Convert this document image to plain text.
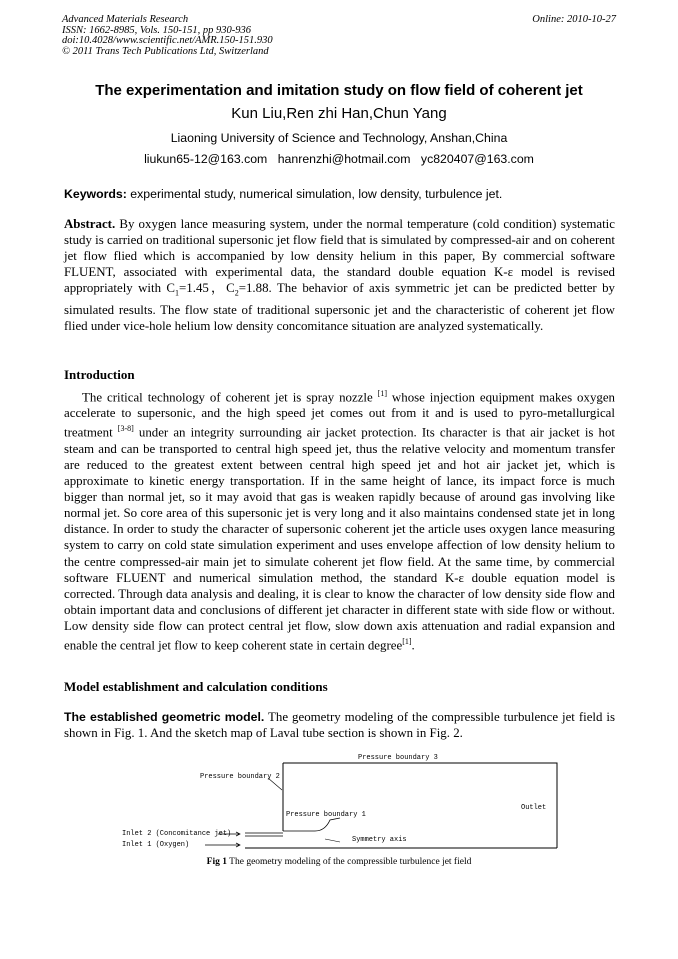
Advanced Materials Research
ISSN: 1662-8985, Vols. 150-151, pp 930-936
doi:10.4028/www.scientific.net/AMR.150-151.930
© 2011 Trans Tech Publications Ltd, Switzerland
Online: 2010-10-27
The experimentation and imitation study on flow field of coherent jet
Kun Liu,Ren zhi Han,Chun Yang
Liaoning University of Science and Technology, Anshan,China
liukun65-12@163.com hanrenzhi@hotmail.com yc820407@163.com
Keywords: experimental study, numerical simulation, low density, turbulence jet.

Abstract. By oxygen lance measuring system, under the normal temperature (cold condition) systematic study is carried on traditional supersonic jet flow field that is simulated by compressed-air and on coherent jet flow flied which is accompanied by low density helium in this paper, By commercial software FLUENT, associated with experimental data, the standard double equation K-ε model is revised appropriately with $C_1=1.45$，$C_2=1.88$. The behavior of axis symmetric jet can be predicted better by simulated results. The flow state of traditional supersonic jet and the characteristic of coherent jet flow flied under vice-hole helium low density concomitance situation are analyzed systematically.

Introduction

The critical technology of coherent jet is spray nozzle [1] whose injection equipment makes oxygen accelerate to supersonic, and the high speed jet comes out from it and is used to pyro-metallurgical treatment [3-8] under an integrity surrounding air jacket protection. Its character is that air jacket is hot steam and can be transported to central high speed jet, thus the relative velocity and momentum transfer are reduced to the greatest extent between central high speed jet and hot air jacket jet, which is approximate to kinetic energy transportation. If in the same height of lance, its impact force is much bigger than normal jet, so it may avoid that gas is weaken rapidly because of around gas involving like normal jet. So core area of this supersonic jet is very long and it also maintains condensed state jet in long distance. In order to study the character of supersonic coherent jet the article uses oxygen lance measuring system to carry on cold state simulation experiment and uses envelope affection of low density helium to the centre compressed-air main jet to simulate coherent jet flow field. At the same time, by commercial software FLUENT and numerical simulation method, the standard K-ε double equation model is corrected. Through data analysis and dealing, it is clear to know the character of low density side flow and obtain important data and conclusions of different jet character in different state with side flow or without. Low density side flow can protect central jet flow, slow down axis attenuation and radial expansion and enable the central jet flow to keep coherent state in certain degree[1].

Model establishment and calculation conditions

The established geometric model. The geometry modeling of the compressible turbulence jet field is shown in Fig. 1. And the sketch map of Laval tube section is shown in Fig. 2.

Pressure boundary 3
Pressure boundary 2
Pressure boundary 1
Outlet
Inlet 2 (Concomitance jet)
Inlet 1 (Oxygen)
Symmetry axis
Fig 1 The geometry modeling of the compressible turbulence jet field
